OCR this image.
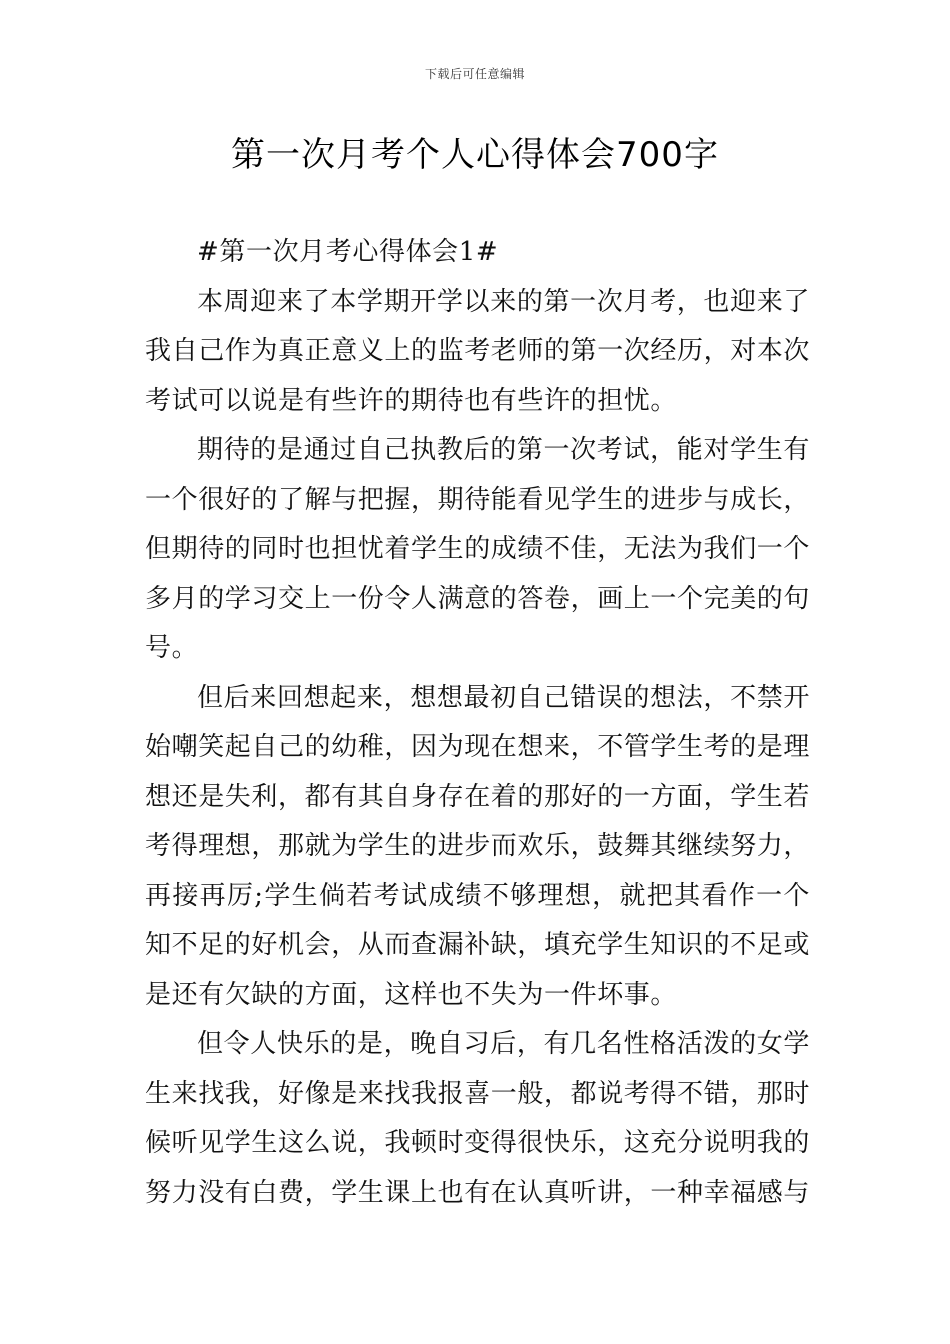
下载后可任意编辑
第一次月考个人心得体会700字

#第一次月考心得体会1#

本周迎来了本学期开学以来的第一次月考，也迎来了我自己作为真正意义上的监考老师的第一次经历，对本次考试可以说是有些许的期待也有些许的担忧。

期待的是通过自己执教后的第一次考试，能对学生有一个很好的了解与把握，期待能看见学生的进步与成长，但期待的同时也担忧着学生的成绩不佳，无法为我们一个多月的学习交上一份令人满意的答卷，画上一个完美的句号。

但后来回想起来，想想最初自己错误的想法，不禁开始嘲笑起自己的幼稚，因为现在想来，不管学生考的是理想还是失利，都有其自身存在着的那好的一方面，学生若考得理想，那就为学生的进步而欢乐，鼓舞其继续努力，再接再厉;学生倘若考试成绩不够理想，就把其看作一个知不足的好机会，从而查漏补缺，填充学生知识的不足或是还有欠缺的方面，这样也不失为一件坏事。

但令人快乐的是，晚自习后，有几名性格活泼的女学生来找我，好像是来找我报喜一般，都说考得不错，那时候听见学生这么说，我顿时变得很快乐，这充分说明我的努力没有白费，学生课上也有在认真听讲，一种幸福感与
